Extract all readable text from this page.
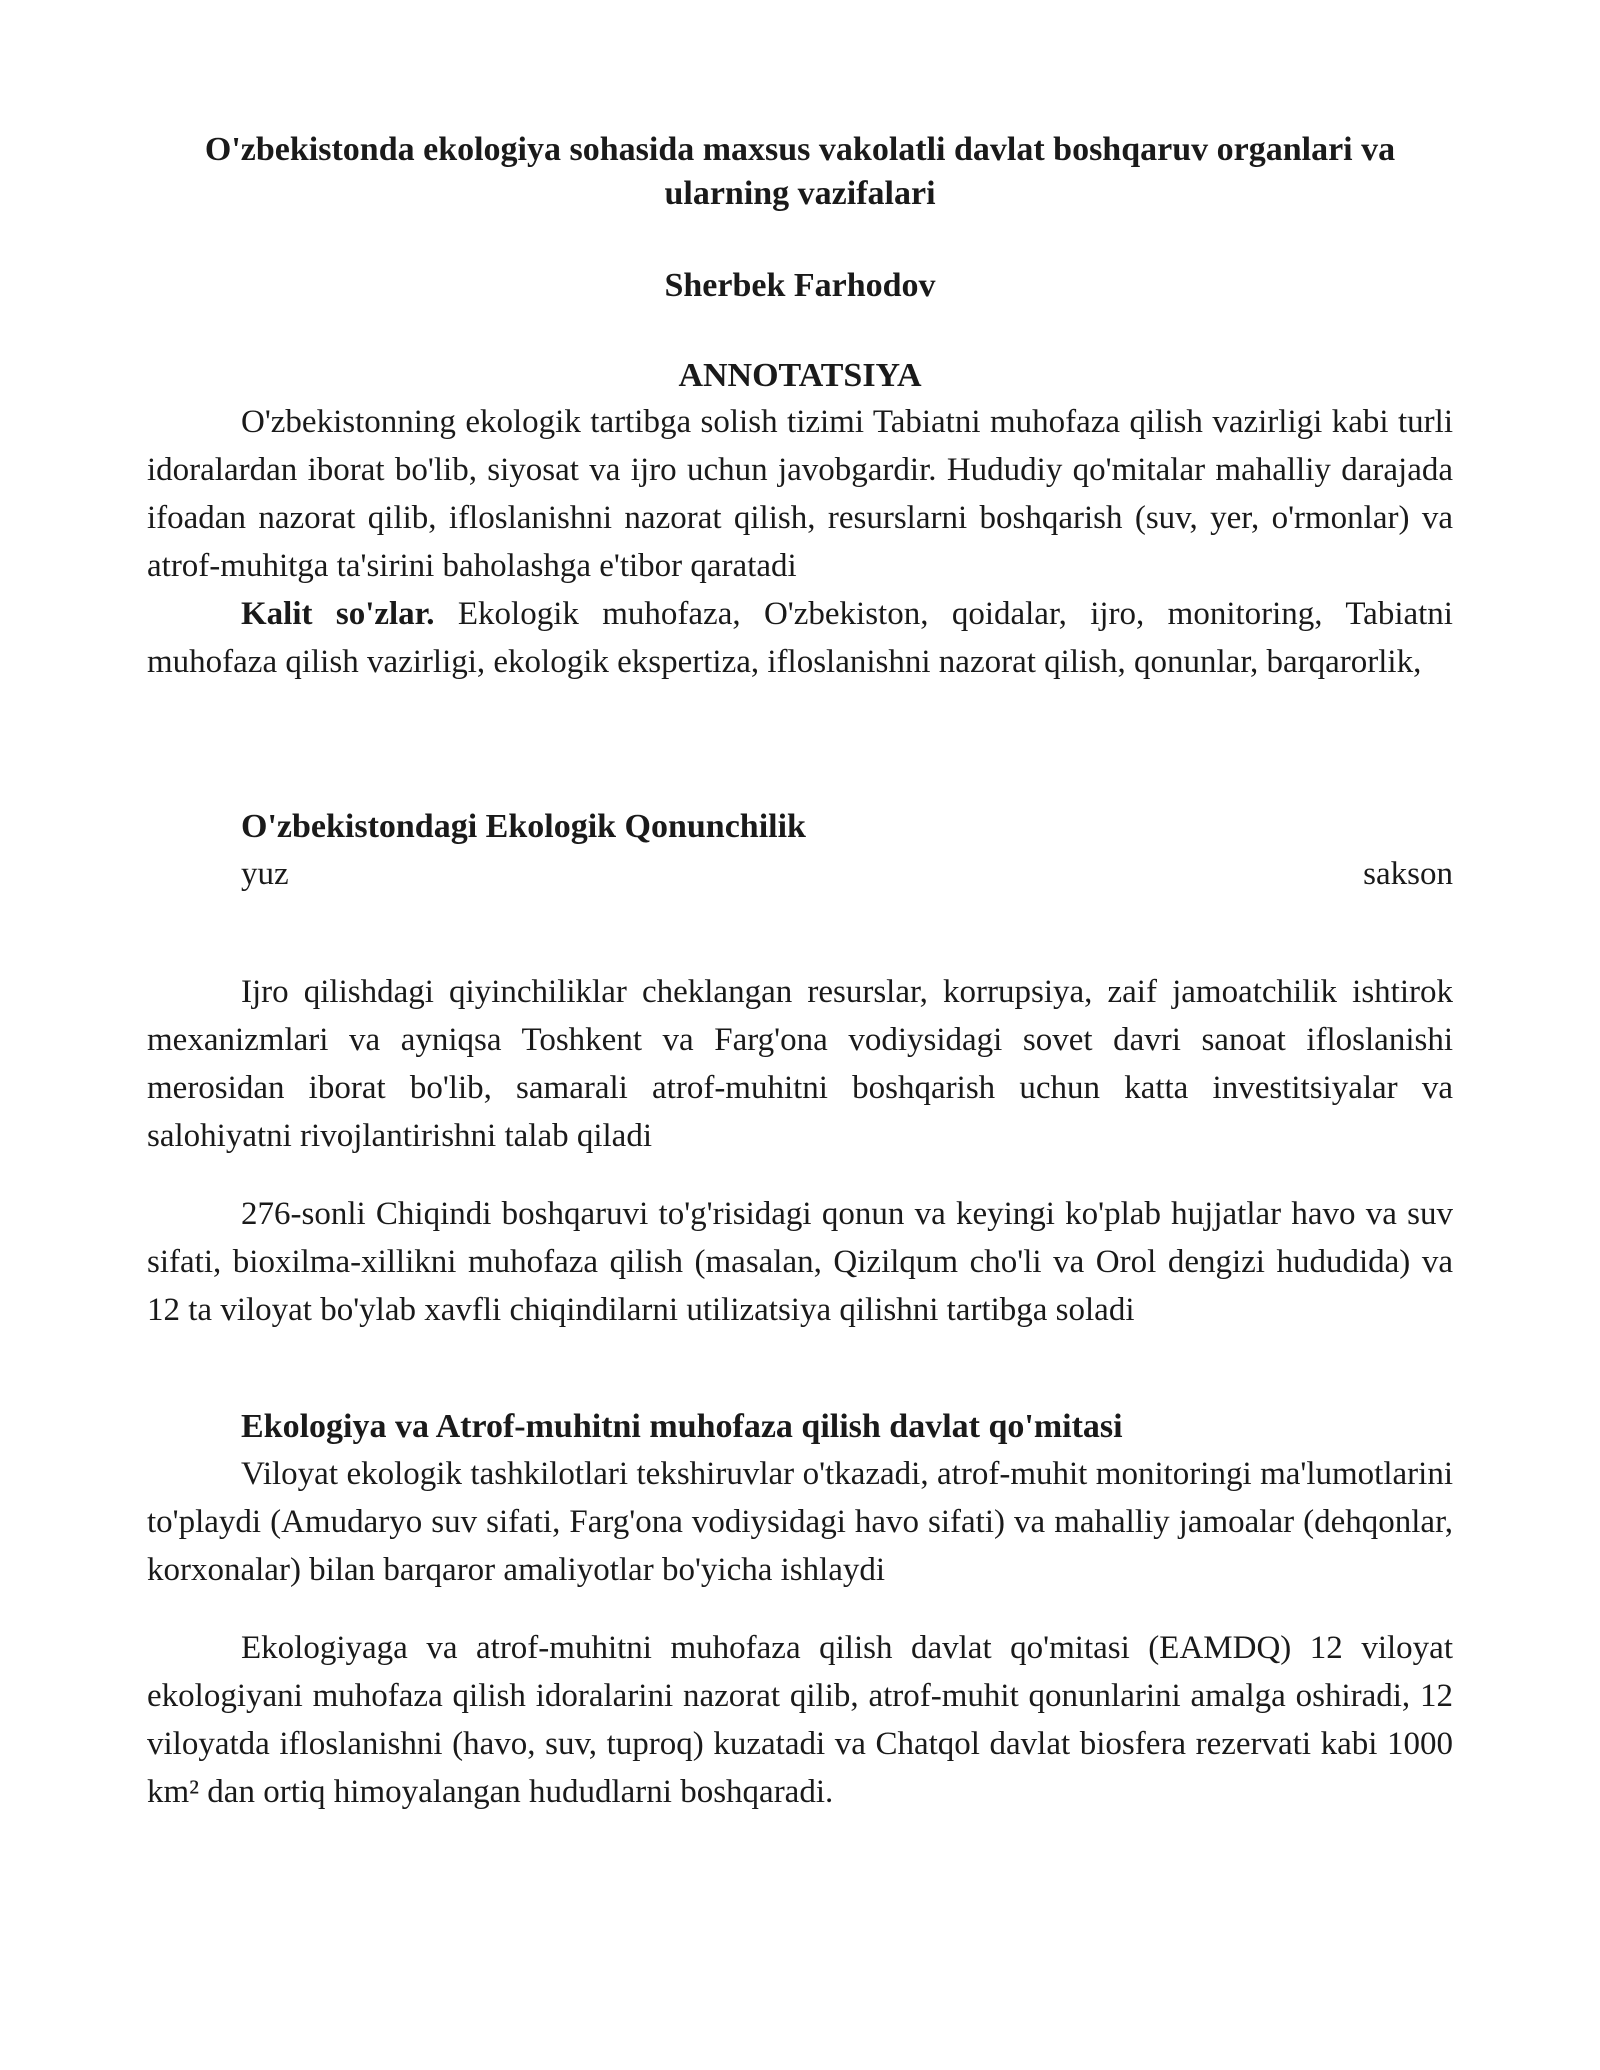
O'zbekistonda ekologiya sohasida maxsus vakolatli davlat boshqaruv organlari va ularning vazifalari
Sherbek Farhodov
ANNOTATSIYA

O'zbekistonning ekologik tartibga solish tizimi Tabiatni muhofaza qilish vazirligi kabi turli idoralardan iborat bo'lib, siyosat va ijro uchun javobgardir. Hududiy qo'mitalar mahalliy darajada ifoadan nazorat qilib, ifloslanishni nazorat qilish, resurslarni boshqarish (suv, yer, o'rmonlar) va atrof-muhitga ta'sirini baholashga e'tibor qaratadi

Kalit so'zlar. Ekologik muhofaza, O'zbekiston, qoidalar, ijro, monitoring, Tabiatni muhofaza qilish vazirligi, ekologik ekspertiza, ifloslanishni nazorat qilish, qonunlar, barqarorlik,

O'zbekistondagi Ekologik Qonunchilik
yuz	sakson

Ijro qilishdagi qiyinchiliklar cheklangan resurslar, korrupsiya, zaif jamoatchilik ishtirok mexanizmlari va ayniqsa Toshkent va Farg'ona vodiysidagi sovet davri sanoat ifloslanishi merosidan iborat bo'lib, samarali atrof-muhitni boshqarish uchun katta investitsiyalar va salohiyatni rivojlantirishni talab qiladi

276-sonli Chiqindi boshqaruvi to'g'risidagi qonun va keyingi ko'plab hujjatlar havo va suv sifati, bioxilma-xillikni muhofaza qilish (masalan, Qizilqum cho'li va Orol dengizi hududida) va 12 ta viloyat bo'ylab xavfli chiqindilarni utilizatsiya qilishni tartibga soladi

Ekologiya va Atrof-muhitni muhofaza qilish davlat qo'mitasi

Viloyat ekologik tashkilotlari tekshiruvlar o'tkazadi, atrof-muhit monitoringi ma'lumotlarini to'playdi (Amudaryo suv sifati, Farg'ona vodiysidagi havo sifati) va mahalliy jamoalar (dehqonlar, korxonalar) bilan barqaror amaliyotlar bo'yicha ishlaydi

Ekologiyaga va atrof-muhitni muhofaza qilish davlat qo'mitasi (EAMDQ) 12 viloyat ekologiyani muhofaza qilish idoralarini nazorat qilib, atrof-muhit qonunlarini amalga oshiradi, 12 viloyatda ifloslanishni (havo, suv, tuproq) kuzatadi va Chatqol davlat biosfera rezervati kabi 1000 km² dan ortiq himoyalangan hududlarni boshqaradi.
